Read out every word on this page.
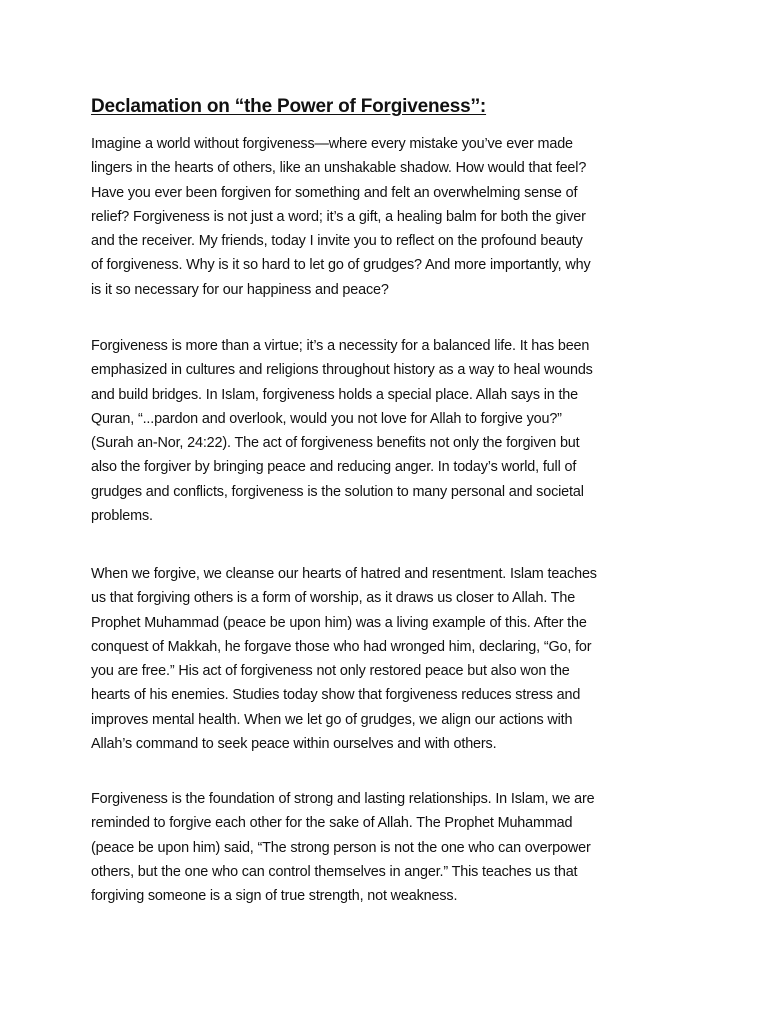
Declamation on “the Power of Forgiveness’’:
Imagine a world without forgiveness—where every mistake you’ve ever made
lingers in the hearts of others, like an unshakable shadow. How would that feel?
Have you ever been forgiven for something and felt an overwhelming sense of
relief? Forgiveness is not just a word; it’s a gift, a healing balm for both the giver
and the receiver. My friends, today I invite you to reflect on the profound beauty
of forgiveness. Why is it so hard to let go of grudges? And more importantly, why
is it so necessary for our happiness and peace?
Forgiveness is more than a virtue; it’s a necessity for a balanced life. It has been
emphasized in cultures and religions throughout history as a way to heal wounds
and build bridges. In Islam, forgiveness holds a special place. Allah says in the
Quran, “...pardon and overlook, would you not love for Allah to forgive you?”
(Surah an-Nor, 24:22). The act of forgiveness benefits not only the forgiven but
also the forgiver by bringing peace and reducing anger. In today’s world, full of
grudges and conflicts, forgiveness is the solution to many personal and societal
problems.
When we forgive, we cleanse our hearts of hatred and resentment. Islam teaches
us that forgiving others is a form of worship, as it draws us closer to Allah. The
Prophet Muhammad (peace be upon him) was a living example of this. After the
conquest of Makkah, he forgave those who had wronged him, declaring, “Go, for
you are free.” His act of forgiveness not only restored peace but also won the
hearts of his enemies. Studies today show that forgiveness reduces stress and
improves mental health. When we let go of grudges, we align our actions with
Allah’s command to seek peace within ourselves and with others.
Forgiveness is the foundation of strong and lasting relationships. In Islam, we are
reminded to forgive each other for the sake of Allah. The Prophet Muhammad
(peace be upon him) said, “The strong person is not the one who can overpower
others, but the one who can control themselves in anger.” This teaches us that
forgiving someone is a sign of true strength, not weakness.
